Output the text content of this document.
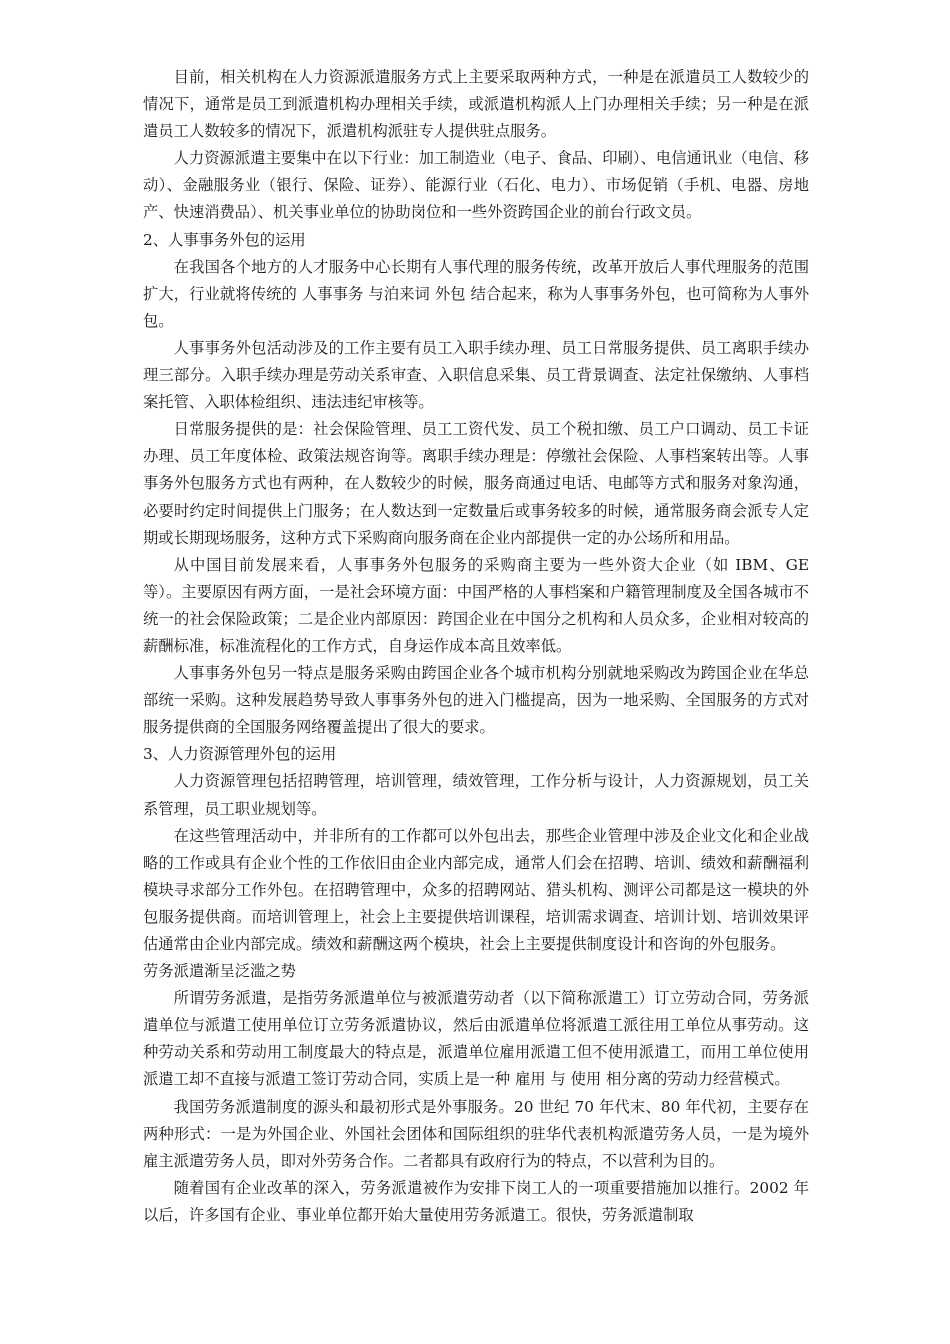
目前，相关机构在人力资源派遣服务方式上主要采取两种方式，一种是在派遣员工人数较少的情况下，通常是员工到派遣机构办理相关手续，或派遣机构派人上门办理相关手续；另一种是在派遣员工人数较多的情况下，派遣机构派驻专人提供驻点服务。

人力资源派遣主要集中在以下行业：加工制造业（电子、食品、印刷）、电信通讯业（电信、移动）、金融服务业（银行、保险、证券）、能源行业（石化、电力）、市场促销（手机、电器、房地产、快速消费品）、机关事业单位的协助岗位和一些外资跨国企业的前台行政文员。

2、人事事务外包的运用

在我国各个地方的人才服务中心长期有人事代理的服务传统，改革开放后人事代理服务的范围扩大，行业就将传统的 人事事务 与泊来词 外包 结合起来，称为人事事务外包，也可简称为人事外包。

人事事务外包活动涉及的工作主要有员工入职手续办理、员工日常服务提供、员工离职手续办理三部分。入职手续办理是劳动关系审查、入职信息采集、员工背景调查、法定社保缴纳、人事档案托管、入职体检组织、违法违纪审核等。

日常服务提供的是：社会保险管理、员工工资代发、员工个税扣缴、员工户口调动、员工卡证办理、员工年度体检、政策法规咨询等。离职手续办理是：停缴社会保险、人事档案转出等。人事事务外包服务方式也有两种，在人数较少的时候，服务商通过电话、电邮等方式和服务对象沟通，必要时约定时间提供上门服务；在人数达到一定数量后或事务较多的时候，通常服务商会派专人定期或长期现场服务，这种方式下采购商向服务商在企业内部提供一定的办公场所和用品。

从中国目前发展来看，人事事务外包服务的采购商主要为一些外资大企业（如 IBM、GE 等）。主要原因有两方面，一是社会环境方面：中国严格的人事档案和户籍管理制度及全国各城市不统一的社会保险政策；二是企业内部原因：跨国企业在中国分之机构和人员众多，企业相对较高的薪酬标准，标准流程化的工作方式，自身运作成本高且效率低。

人事事务外包另一特点是服务采购由跨国企业各个城市机构分别就地采购改为跨国企业在华总部统一采购。这种发展趋势导致人事事务外包的进入门槛提高，因为一地采购、全国服务的方式对服务提供商的全国服务网络覆盖提出了很大的要求。

3、人力资源管理外包的运用

人力资源管理包括招聘管理，培训管理，绩效管理，工作分析与设计，人力资源规划，员工关系管理，员工职业规划等。

在这些管理活动中，并非所有的工作都可以外包出去，那些企业管理中涉及企业文化和企业战略的工作或具有企业个性的工作依旧由企业内部完成，通常人们会在招聘、培训、绩效和薪酬福利模块寻求部分工作外包。在招聘管理中，众多的招聘网站、猎头机构、测评公司都是这一模块的外包服务提供商。而培训管理上，社会上主要提供培训课程，培训需求调查、培训计划、培训效果评估通常由企业内部完成。绩效和薪酬这两个模块，社会上主要提供制度设计和咨询的外包服务。

劳务派遣渐呈泛滥之势

所谓劳务派遣，是指劳务派遣单位与被派遣劳动者（以下简称派遣工）订立劳动合同，劳务派遣单位与派遣工使用单位订立劳务派遣协议，然后由派遣单位将派遣工派往用工单位从事劳动。这种劳动关系和劳动用工制度最大的特点是，派遣单位雇用派遣工但不使用派遣工，而用工单位使用派遣工却不直接与派遣工签订劳动合同，实质上是一种 雇用 与 使用 相分离的劳动力经营模式。

我国劳务派遣制度的源头和最初形式是外事服务。20 世纪 70 年代末、80 年代初，主要存在两种形式：一是为外国企业、外国社会团体和国际组织的驻华代表机构派遣劳务人员，一是为境外雇主派遣劳务人员，即对外劳务合作。二者都具有政府行为的特点，不以营利为目的。

随着国有企业改革的深入，劳务派遣被作为安排下岗工人的一项重要措施加以推行。2002 年以后，许多国有企业、事业单位都开始大量使用劳务派遣工。很快，劳务派遣制取
